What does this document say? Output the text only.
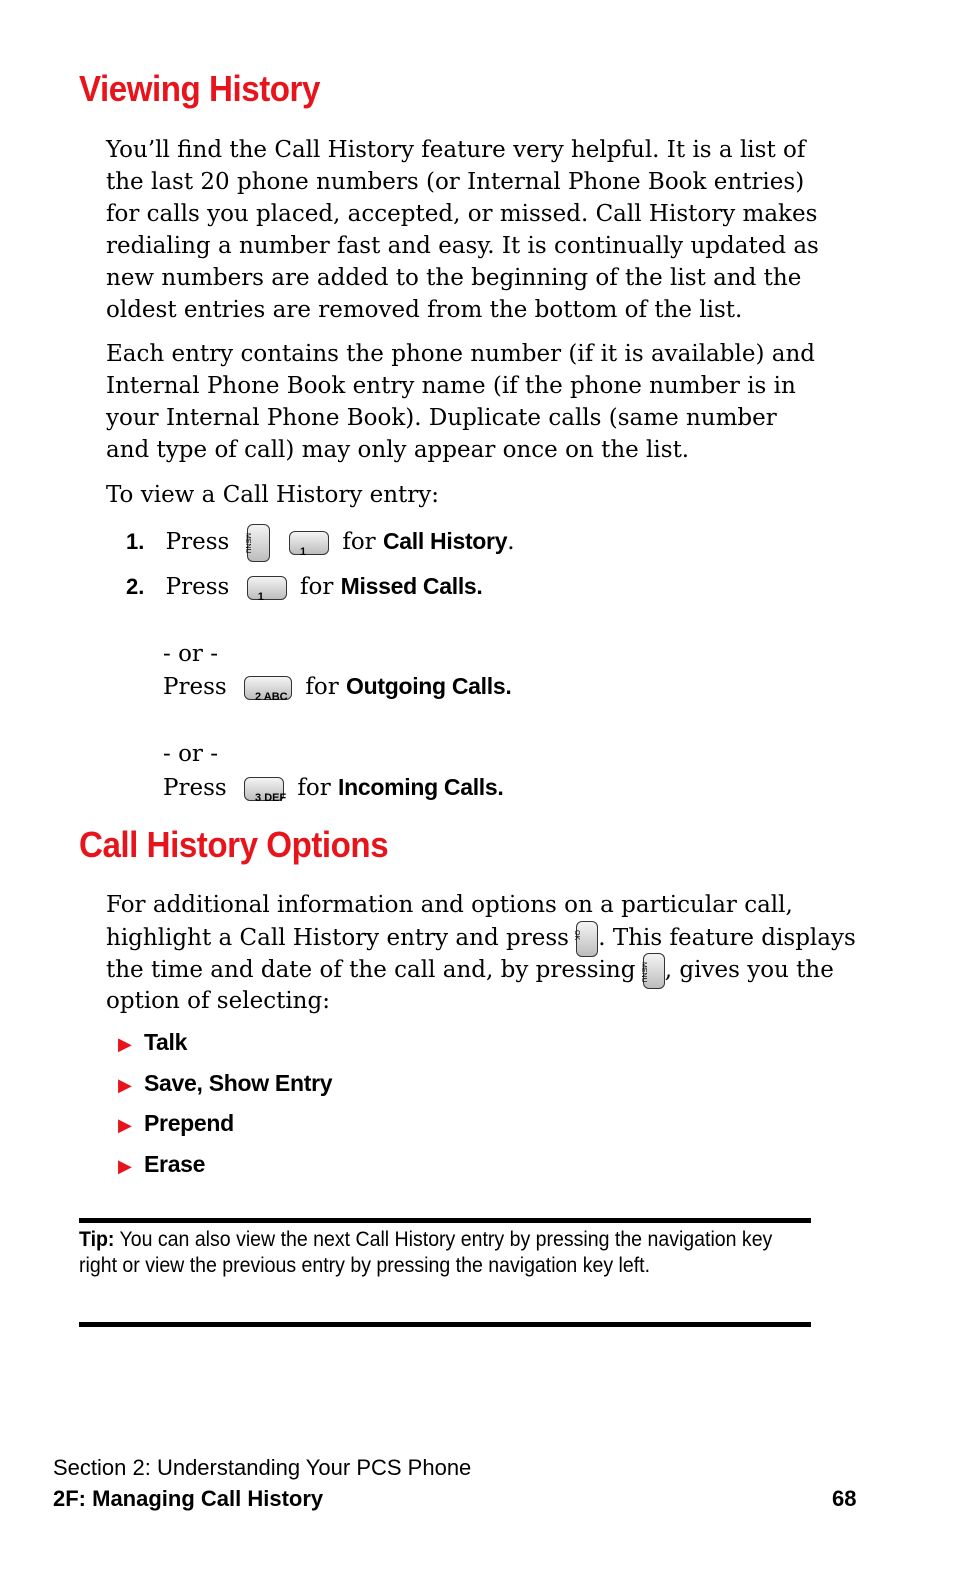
Viewing History

You’ll find the Call History feature very helpful. It is a list of the last 20 phone numbers (or Internal Phone Book entries) for calls you placed, accepted, or missed. Call History makes redialing a number fast and easy. It is continually updated as new numbers are added to the beginning of the list and the oldest entries are removed from the bottom of the list.

Each entry contains the phone number (if it is available) and Internal Phone Book entry name (if the phone number is in your Internal Phone Book). Duplicate calls (same number and type of call) may only appear once on the list.

To view a Call History entry:
1. Press	MENU
	1 for Call History.
2. Press	1 for Missed Calls.
- or -
Press	2 ABC for Outgoing Calls.
- or -
Press	3 DEF for Incoming Calls.
Call History Options
For additional information and options on a particular call,
highlight a Call History entry and press OK . This feature displays
the time and date of the call and, by pressing MENU , gives you the
option of selecting:
▶ Talk
▶ Save, Show Entry
▶ Prepend
▶ Erase

Tip: You can also view the next Call History entry by pressing the navigation key right or view the previous entry by pressing the navigation key left.

Section 2: Understanding Your PCS Phone
2F: Managing Call History	68
